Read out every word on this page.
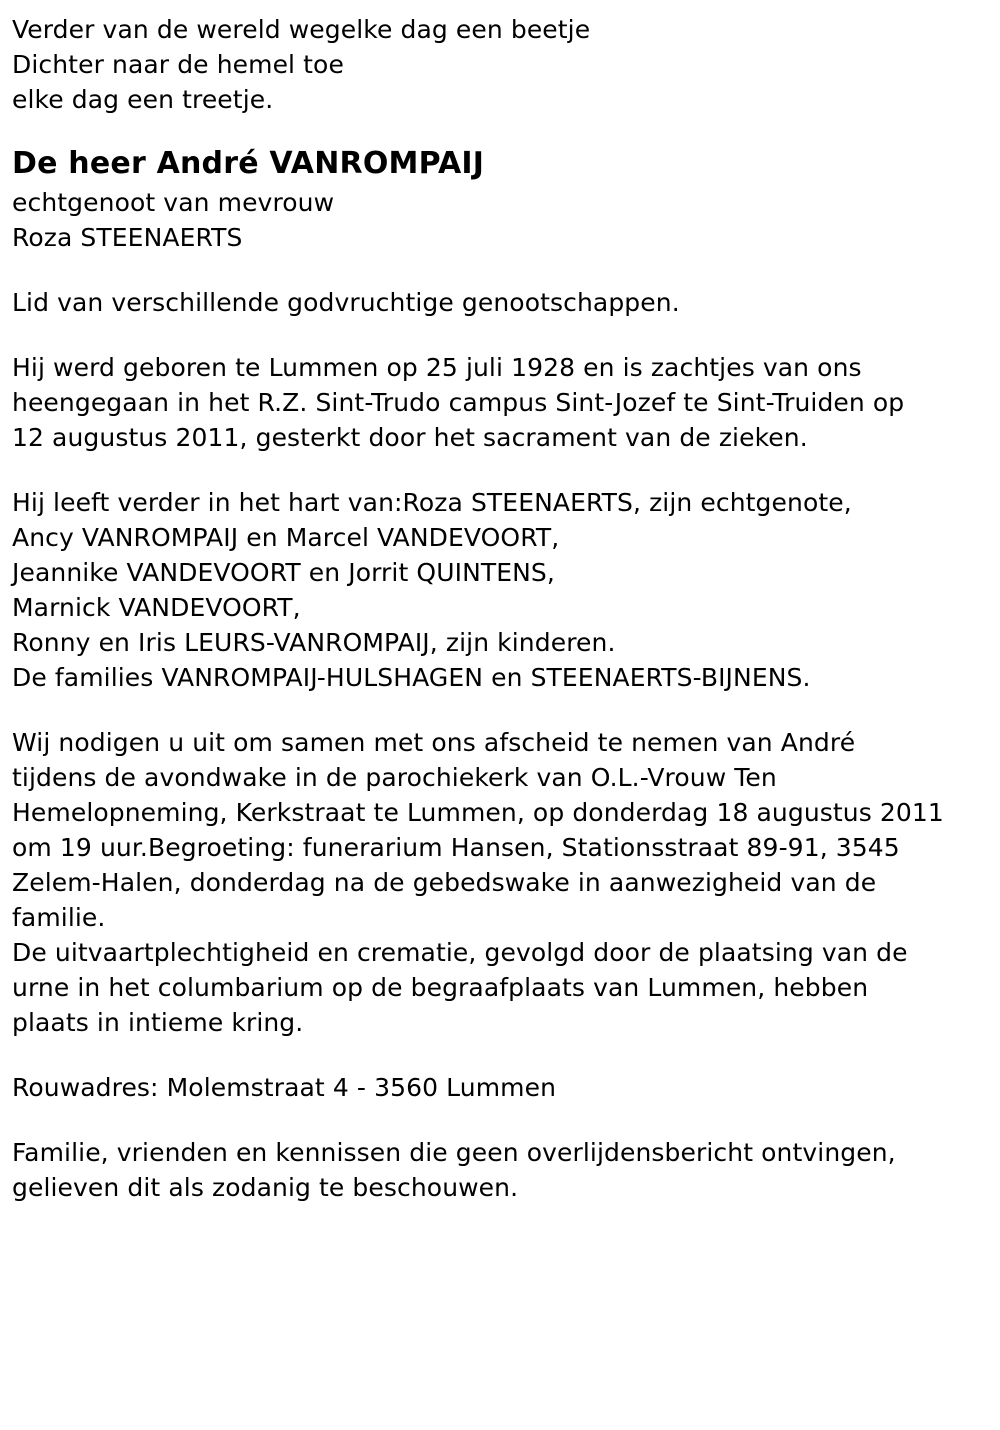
Verder van de wereld wegelke dag een beetje
Dichter naar de hemel toe
elke dag een treetje.
De heer André VANROMPAIJ
echtgenoot van mevrouw
Roza STEENAERTS
Lid van verschillende godvruchtige genootschappen.
Hij werd geboren te Lummen op 25 juli 1928 en is zachtjes van ons
heengegaan in het R.Z. Sint-Trudo campus Sint-Jozef te Sint-Truiden op
12 augustus 2011, gesterkt door het sacrament van de zieken.
Hij leeft verder in het hart van:Roza STEENAERTS, zijn echtgenote,
Ancy VANROMPAIJ en Marcel VANDEVOORT,
Jeannike VANDEVOORT en Jorrit QUINTENS,
Marnick VANDEVOORT,
Ronny en Iris LEURS-VANROMPAIJ, zijn kinderen.
De families VANROMPAIJ-HULSHAGEN en STEENAERTS-BIJNENS.
Wij nodigen u uit om samen met ons afscheid te nemen van André
tijdens de avondwake in de parochiekerk van O.L.-Vrouw Ten
Hemelopneming, Kerkstraat te Lummen, op donderdag 18 augustus 2011
om 19 uur.Begroeting: funerarium Hansen, Stationsstraat 89-91, 3545
Zelem-Halen, donderdag na de gebedswake in aanwezigheid van de
familie.
De uitvaartplechtigheid en crematie, gevolgd door de plaatsing van de
urne in het columbarium op de begraafplaats van Lummen, hebben
plaats in intieme kring.
Rouwadres: Molemstraat 4 - 3560 Lummen
Familie, vrienden en kennissen die geen overlijdensbericht ontvingen,
gelieven dit als zodanig te beschouwen.
